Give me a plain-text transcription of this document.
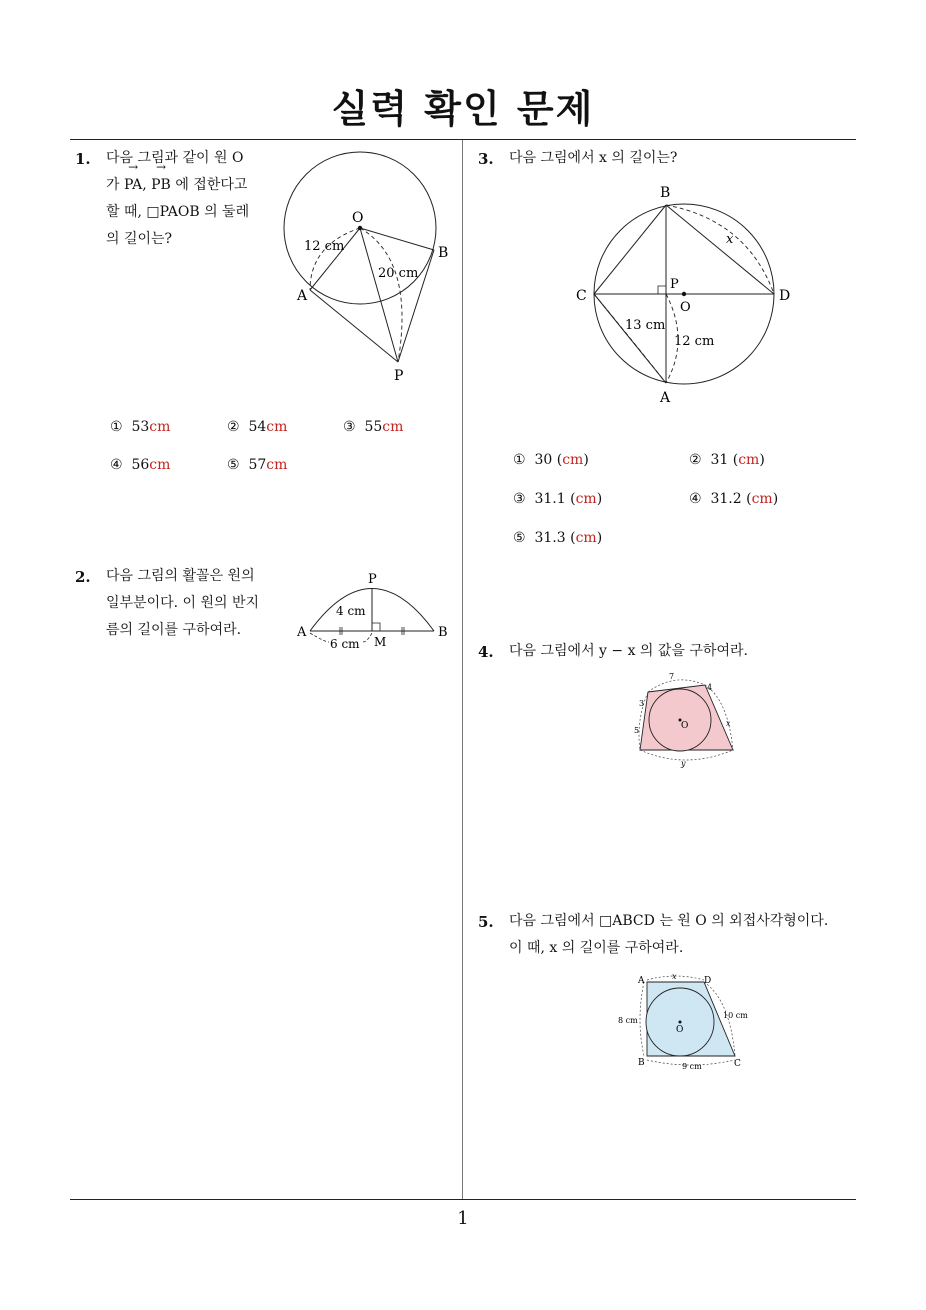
실력 확인 문제
1
1. 다음 그림과 같이 원 O
가 → PA, → PB 에 접한다고
할 때, □PAOB 의 둘레
의 길이는?
O
A
B
P
12 cm
20 cm
① 53cm	② 54cm	③ 55cm
④ 56cm	⑤ 57cm
2. 다음 그림의 활꼴은 원의
일부분이다. 이 원의 반지
름의 길이를 구하여라.
P
A	B
M
4 cm
6 cm
3. 다음 그림에서 x 의 길이는?
B
C	D
A
P
O
x
13 cm
12 cm
① 30 (cm)	② 31 (cm)
③ 31.1 (cm)	④ 31.2 (cm)
⑤ 31.3 (cm)
4. 다음 그림에서 y − x 의 값을 구하여라.
O
7
4
3
5
x
y
5. 다음 그림에서 □ABCD 는 원 O 의 외접사각형이다.
이 때, x 의 길이를 구하여라.
O
A	D
B	C
x
8 cm
10 cm
9 cm
